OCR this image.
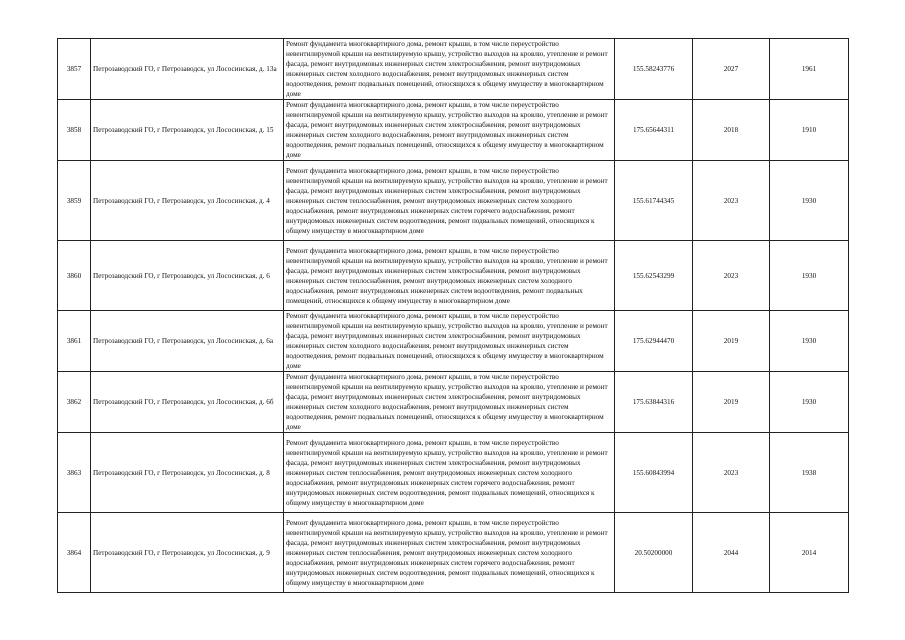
3857	Петрозаводский ГО, г Петрозаводск, ул Лососинская, д. 13а	Ремонт фундамента многоквартирного дома, ремонт крыши, в том числе переустройство невентилируемой крыши на вентилируемую крышу, устройство выходов на кровлю, утепление и ремонт фасада, ремонт внутридомовых инженерных систем электроснабжения, ремонт внутридомовых инженерных систем холодного водоснабжения, ремонт внутридомовых инженерных систем водоотведения, ремонт подвальных помещений, относящихся к общему имуществу в многоквартирном доме	155.58243776	2027	1961
3858	Петрозаводский ГО, г Петрозаводск, ул Лососинская, д. 15	Ремонт фундамента многоквартирного дома, ремонт крыши, в том числе переустройство невентилируемой крыши на вентилируемую крышу, устройство выходов на кровлю, утепление и ремонт фасада, ремонт внутридомовых инженерных систем электроснабжения, ремонт внутридомовых инженерных систем холодного водоснабжения, ремонт внутридомовых инженерных систем водоотведения, ремонт подвальных помещений, относящихся к общему имуществу в многоквартирном доме	175.65644311	2018	1910
3859	Петрозаводский ГО, г Петрозаводск, ул Лососинская, д. 4	Ремонт фундамента многоквартирного дома, ремонт крыши, в том числе переустройство невентилируемой крыши на вентилируемую крышу, устройство выходов на кровлю, утепление и ремонт фасада, ремонт внутридомовых инженерных систем электроснабжения, ремонт внутридомовых инженерных систем теплоснабжения, ремонт внутридомовых инженерных систем холодного водоснабжения, ремонт внутридомовых инженерных систем горячего водоснабжения, ремонт внутридомовых инженерных систем водоотведения, ремонт подвальных помещений, относящихся к общему имуществу в многоквартирном доме	155.61744345	2023	1930
3860	Петрозаводский ГО, г Петрозаводск, ул Лососинская, д. 6	Ремонт фундамента многоквартирного дома, ремонт крыши, в том числе переустройство невентилируемой крыши на вентилируемую крышу, устройство выходов на кровлю, утепление и ремонт фасада, ремонт внутридомовых инженерных систем электроснабжения, ремонт внутридомовых инженерных систем теплоснабжения, ремонт внутридомовых инженерных систем холодного водоснабжения, ремонт внутридомовых инженерных систем водоотведения, ремонт подвальных помещений, относящихся к общему имуществу в многоквартирном доме	155.62543299	2023	1930
3861	Петрозаводский ГО, г Петрозаводск, ул Лососинская, д. 6а	Ремонт фундамента многоквартирного дома, ремонт крыши, в том числе переустройство невентилируемой крыши на вентилируемую крышу, устройство выходов на кровлю, утепление и ремонт фасада, ремонт внутридомовых инженерных систем электроснабжения, ремонт внутридомовых инженерных систем холодного водоснабжения, ремонт внутридомовых инженерных систем водоотведения, ремонт подвальных помещений, относящихся к общему имуществу в многоквартирном доме	175.62944470	2019	1930
3862	Петрозаводский ГО, г Петрозаводск, ул Лососинская, д. 6б	Ремонт фундамента многоквартирного дома, ремонт крыши, в том числе переустройство невентилируемой крыши на вентилируемую крышу, устройство выходов на кровлю, утепление и ремонт фасада, ремонт внутридомовых инженерных систем электроснабжения, ремонт внутридомовых инженерных систем холодного водоснабжения, ремонт внутридомовых инженерных систем водоотведения, ремонт подвальных помещений, относящихся к общему имуществу в многоквартирном доме	175.63844316	2019	1930
3863	Петрозаводский ГО, г Петрозаводск, ул Лососинская, д. 8	Ремонт фундамента многоквартирного дома, ремонт крыши, в том числе переустройство невентилируемой крыши на вентилируемую крышу, устройство выходов на кровлю, утепление и ремонт фасада, ремонт внутридомовых инженерных систем электроснабжения, ремонт внутридомовых инженерных систем теплоснабжения, ремонт внутридомовых инженерных систем холодного водоснабжения, ремонт внутридомовых инженерных систем горячего водоснабжения, ремонт внутридомовых инженерных систем водоотведения, ремонт подвальных помещений, относящихся к общему имуществу в многоквартирном доме	155.60843994	2023	1938
3864	Петрозаводский ГО, г Петрозаводск, ул Лососинская, д. 9	Ремонт фундамента многоквартирного дома, ремонт крыши, в том числе переустройство невентилируемой крыши на вентилируемую крышу, устройство выходов на кровлю, утепление и ремонт фасада, ремонт внутридомовых инженерных систем электроснабжения, ремонт внутридомовых инженерных систем теплоснабжения, ремонт внутридомовых инженерных систем холодного водоснабжения, ремонт внутридомовых инженерных систем горячего водоснабжения, ремонт внутридомовых инженерных систем водоотведения, ремонт подвальных помещений, относящихся к общему имуществу в многоквартирном доме	20.50200000	2044	2014
